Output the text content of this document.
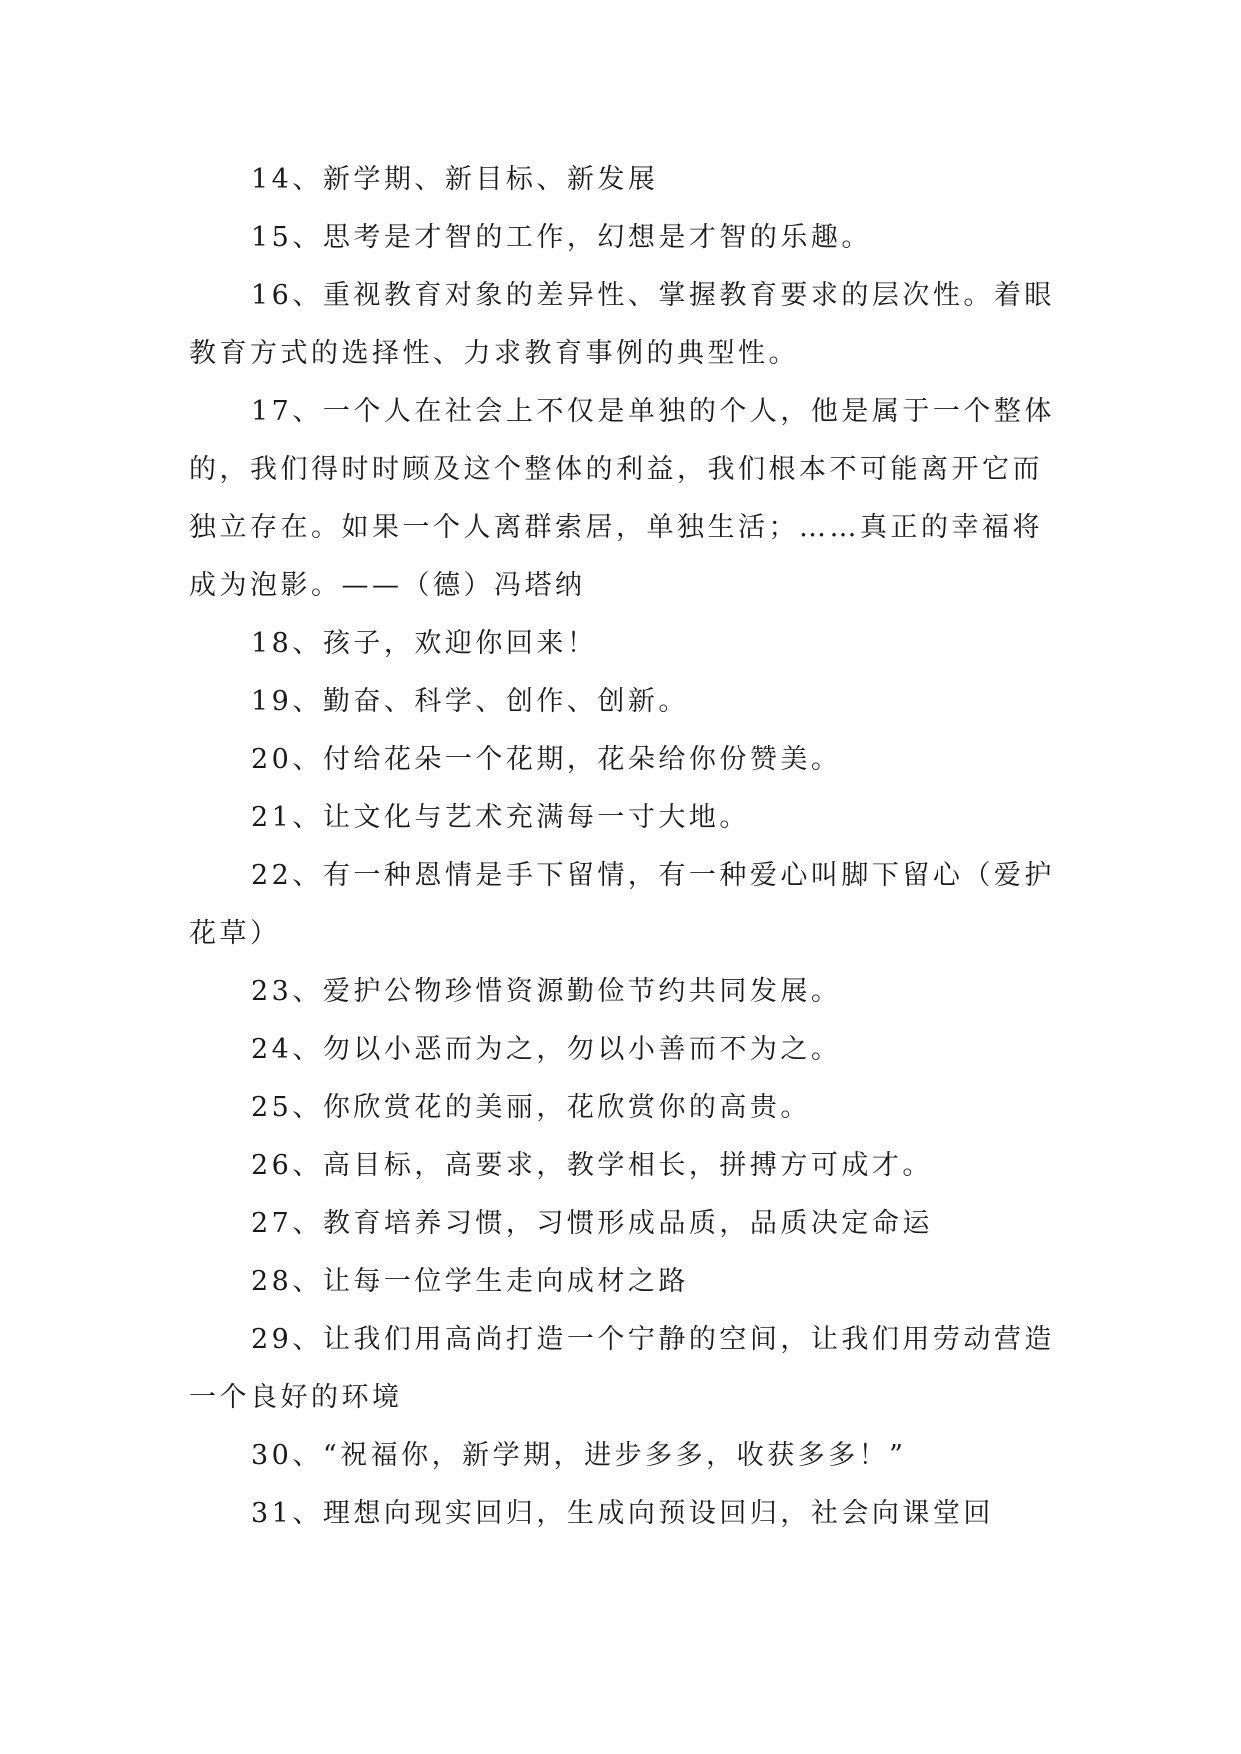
14、新学期、新目标、新发展

15、思考是才智的工作，幻想是才智的乐趣。

16、重视教育对象的差异性、掌握教育要求的层次性。着眼教育方式的选择性、力求教育事例的典型性。

17、一个人在社会上不仅是单独的个人，他是属于一个整体的，我们得时时顾及这个整体的利益，我们根本不可能离开它而独立存在。如果一个人离群索居，单独生活；……真正的幸福将成为泡影。——（德）冯塔纳

18、孩子，欢迎你回来！

19、勤奋、科学、创作、创新。

20、付给花朵一个花期，花朵给你份赞美。

21、让文化与艺术充满每一寸大地。

22、有一种恩情是手下留情，有一种爱心叫脚下留心（爱护花草）

23、爱护公物珍惜资源勤俭节约共同发展。

24、勿以小恶而为之，勿以小善而不为之。

25、你欣赏花的美丽，花欣赏你的高贵。

26、高目标，高要求，教学相长，拼搏方可成才。

27、教育培养习惯，习惯形成品质，品质决定命运

28、让每一位学生走向成材之路

29、让我们用高尚打造一个宁静的空间，让我们用劳动营造一个良好的环境

30、“祝福你，新学期，进步多多，收获多多！”

31、理想向现实回归，生成向预设回归，社会向课堂回
